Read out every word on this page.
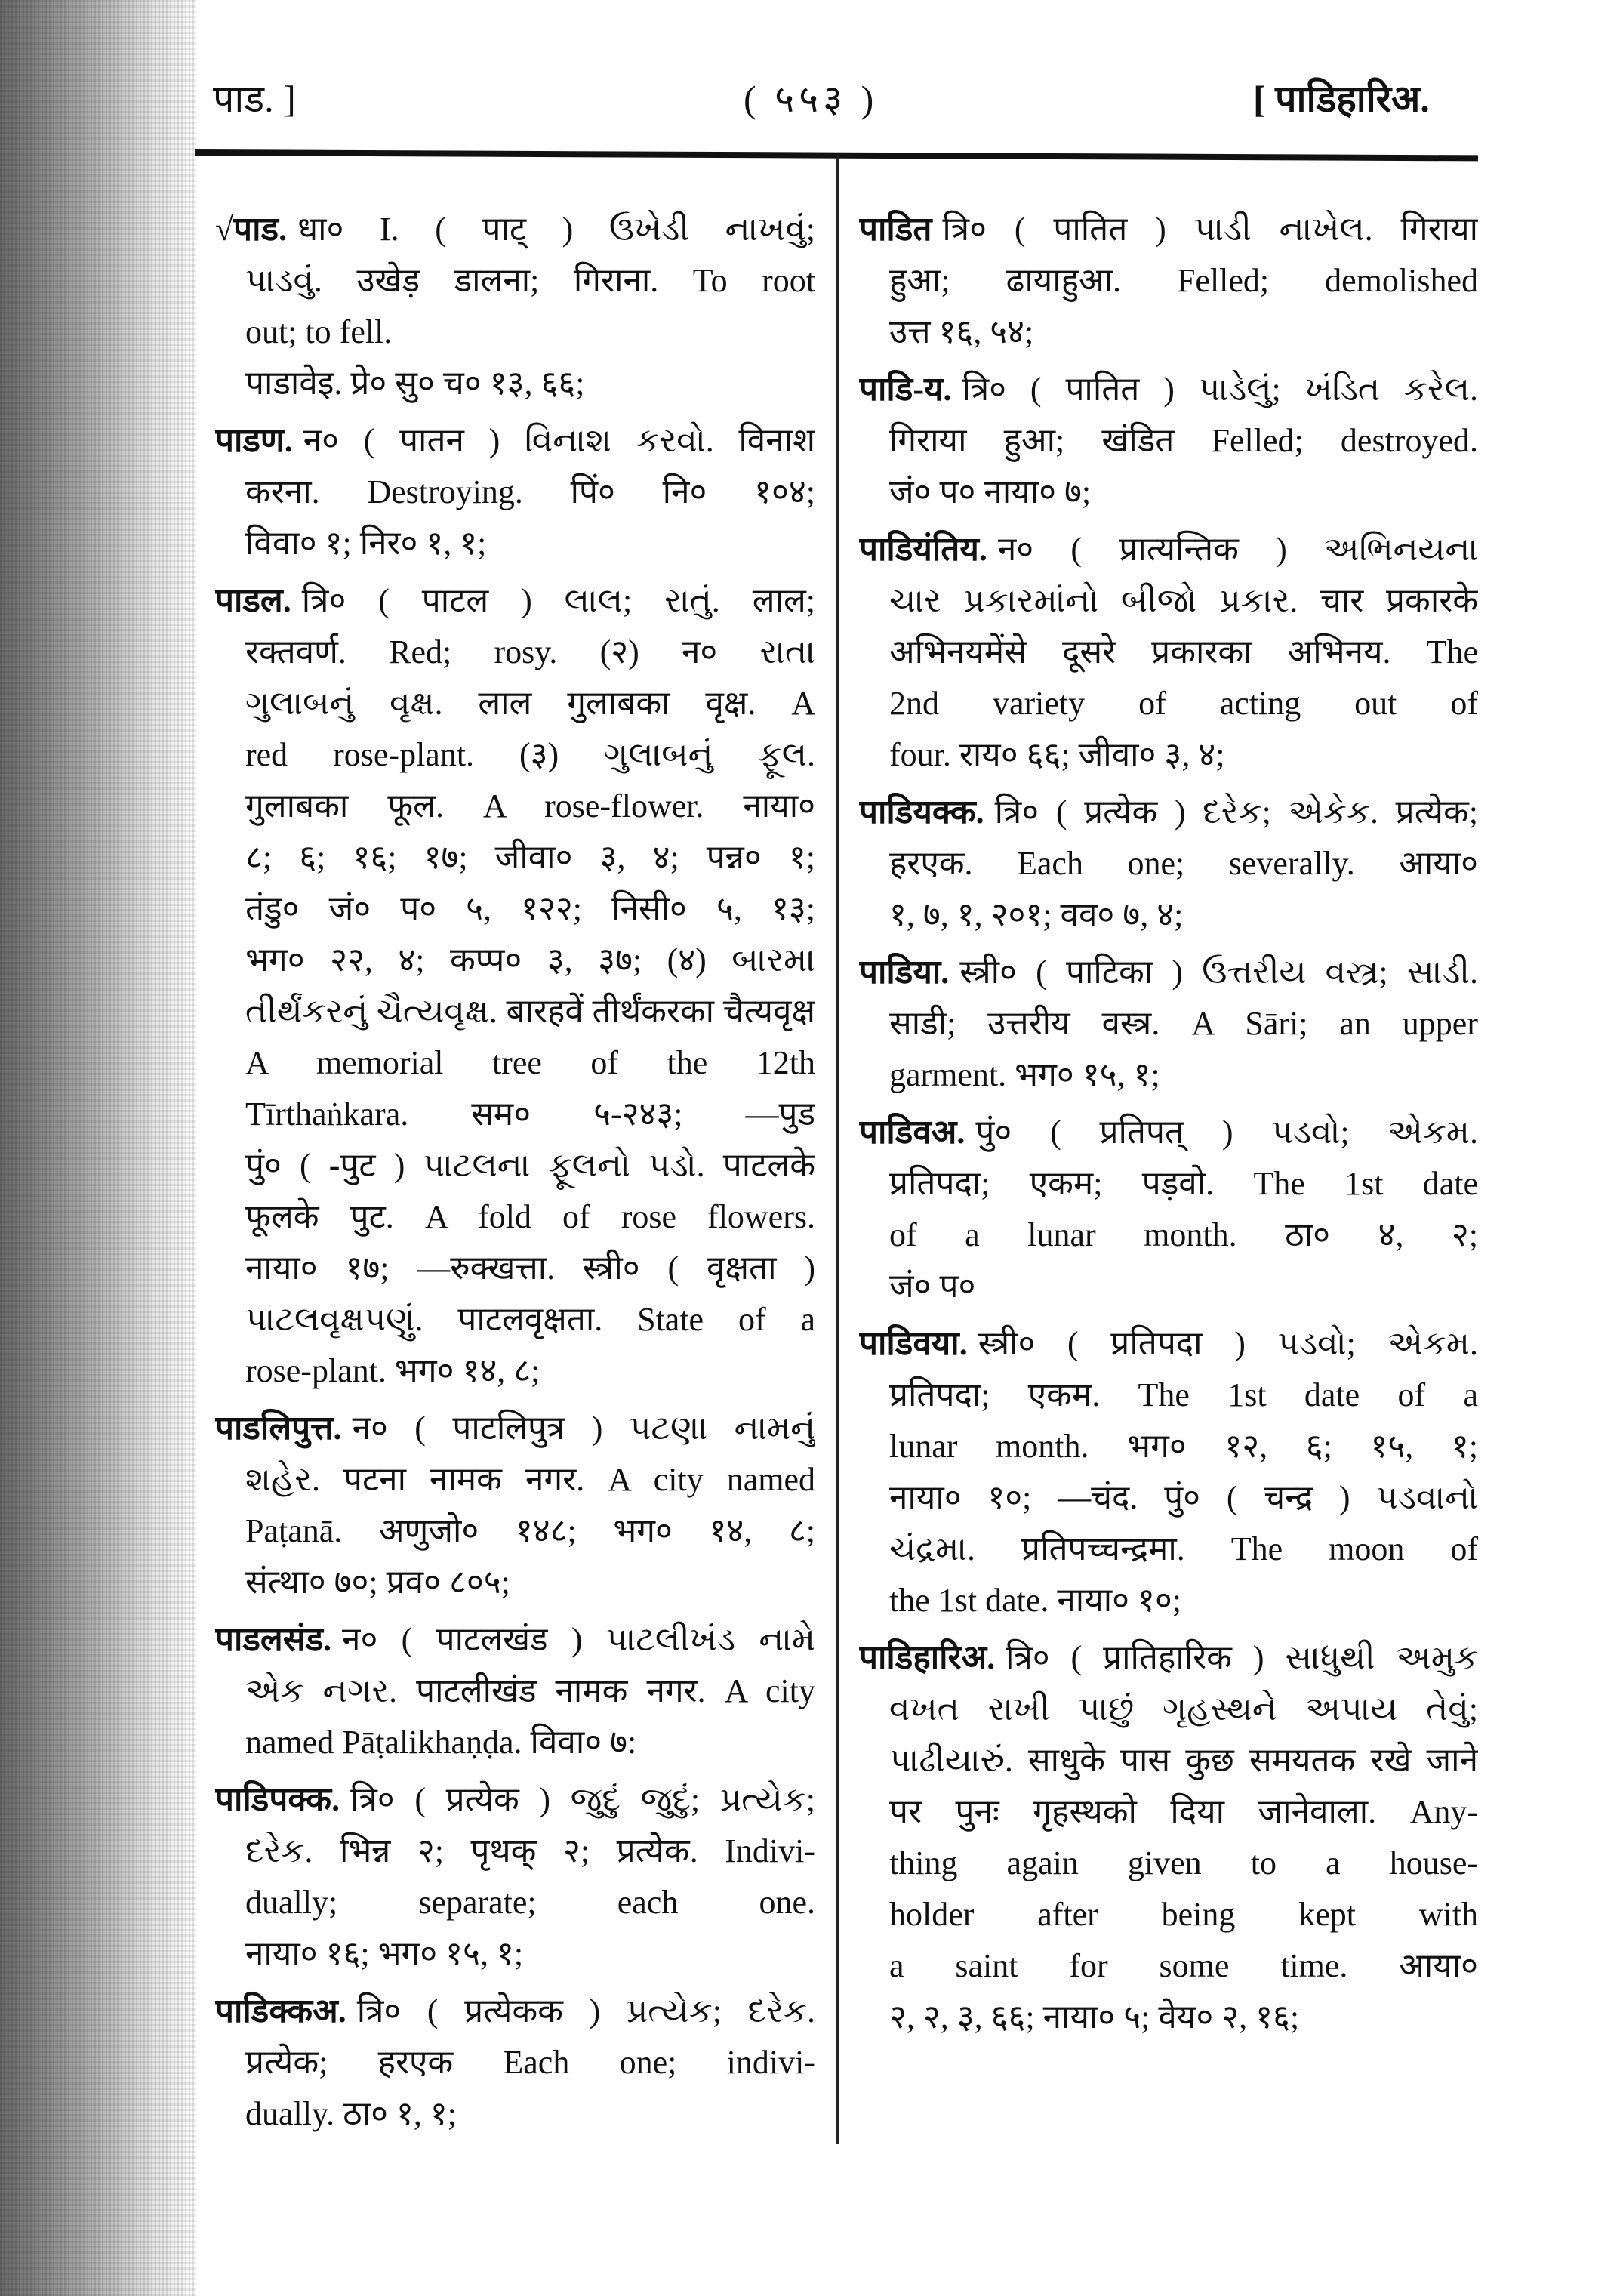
पाड. ]	( ५५३ )	[ पाडिहारिअ.
√पाड. धा० I. ( पाट् ) ઉખેડી નાખવું;
પાડવું. उखेड़ डालना; गिराना. To root
out; to fell.
पाडावेइ. प्रे० सु० च० १३, ६६;
पाडण. न० ( पातन ) વિનાશ કરવો. विनाश
करना. Destroying. पिं० नि० १०४;
विवा० १; निर० १, १;
पाडल. त्रि० ( पाटल ) લાલ; રાતું. लाल;
रक्तवर्ण. Red; rosy. (२) न० રાતા
ગુલાબનું વૃક્ષ. लाल गुलाबका वृक्ष. A
red rose-plant. (३) ગુલાબનું ફૂલ.
गुलाबका फूल. A rose-flower. नाया०
८; ६; १६; १७; जीवा० ३, ४; पन्न० १;
तंडु० जं० प० ५, १२२; निसी० ५, १३;
भग० २२, ४; कप्प० ३, ३७; (४) બારમા
તીર્થંકરનું ચૈત્યવૃક્ષ. बारहवें तीर्थंकरका चैत्यवृक्ष
A memorial tree of the 12th
Tīrthaṅkara. सम० ५-२४३; —पुड
पुं० ( -पुट ) પાટલના ફૂલનો પડો. पाटलके
फूलके पुट. A fold of rose flowers.
नाया० १७; —रुक्खत्ता. स्त्री० ( वृक्षता )
પાટલવૃક્ષપણું. पाटलवृक्षता. State of a
rose-plant. भग० १४, ८;
पाडलिपुत्त. न० ( पाटलिपुत्र ) પટણા નામનું
શહેર. पटना नामक नगर. A city named
Paṭanā. अणुजो० १४८; भग० १४, ८;
संत्था० ७०; प्रव० ८०५;
पाडलसंड. न० ( पाटलखंड ) પાટલીખંડ નામે
એક નગર. पाटलीखंड नामक नगर. A city
named Pāṭalikhaṇḍa. विवा० ७:
पाडिपक्क. त्रि० ( प्रत्येक ) જુદું જુદું; પ્રત્યેક;
દરેક. भिन्न २; पृथक् २; प्रत्येक. Indivi-
dually; separate; each one.
नाया० १६; भग० १५, १;
पाडिक्कअ. त्रि० ( प्रत्येकक ) પ્રત્યેક; દરેક.
प्रत्येक; हरएक Each one; indivi-
dually. ठा० १, १;
पाडित त्रि० ( पातित ) પાડી નાખેલ. गिराया
हुआ; ढायाहुआ. Felled; demolished
उत्त १६, ५४;
पाडि-य. त्रि० ( पातित ) પાડેલું; ખંડિત કરેલ.
गिराया हुआ; खंडित Felled; destroyed.
जं० प० नाया० ७;
पाडियंतिय. न० ( प्रात्यन्तिक ) અભિનયના
ચાર પ્રકારમાંનો બીજો પ્રકાર. चार प्रकारके
अभिनयमेंसे दूसरे प्रकारका अभिनय. The
2nd variety of acting out of
four. राय० ६६; जीवा० ३, ४;
पाडियक्क. त्रि० ( प्रत्येक ) દરેક; એકેક. प्रत्येक;
हरएक. Each one; severally. आया०
१, ७, १, २०१; वव० ७, ४;
पाडिया. स्त्री० ( पाटिका ) ઉત્તરીય વસ્ત્ર; સાડી.
साडी; उत्तरीय वस्त्र. A Sāri; an upper
garment. भग० १५, १;
पाडिवअ. पुं० ( प्रतिपत् ) પડવો; એકમ.
प्रतिपदा; एकम; पड़वो. The 1st date
of a lunar month. ठा० ४, २;
जं० प०
पाडिवया. स्त्री० ( प्रतिपदा ) પડવો; એકમ.
प्रतिपदा; एकम. The 1st date of a
lunar month. भग० १२, ६; १५, १;
नाया० १०; —चंद. पुं० ( चन्द्र ) પડવાનો
ચંદ્રમા. प्रतिपच्चन्द्रमा. The moon of
the 1st date. नाया० १०;
पाडिहारिअ. त्रि० ( प्रातिहारिक ) સાધુથી અમુક
વખત રાખી પાછું ગૃહસ્થને અપાય તેવું;
પાઢીયારું. साधुके पास कुछ समयतक रखे जाने
पर पुनः गृहस्थको दिया जानेवाला. Any-
thing again given to a house-
holder after being kept with
a saint for some time. आया०
२, २, ३, ६६; नाया० ५; वेय० २, १६;
